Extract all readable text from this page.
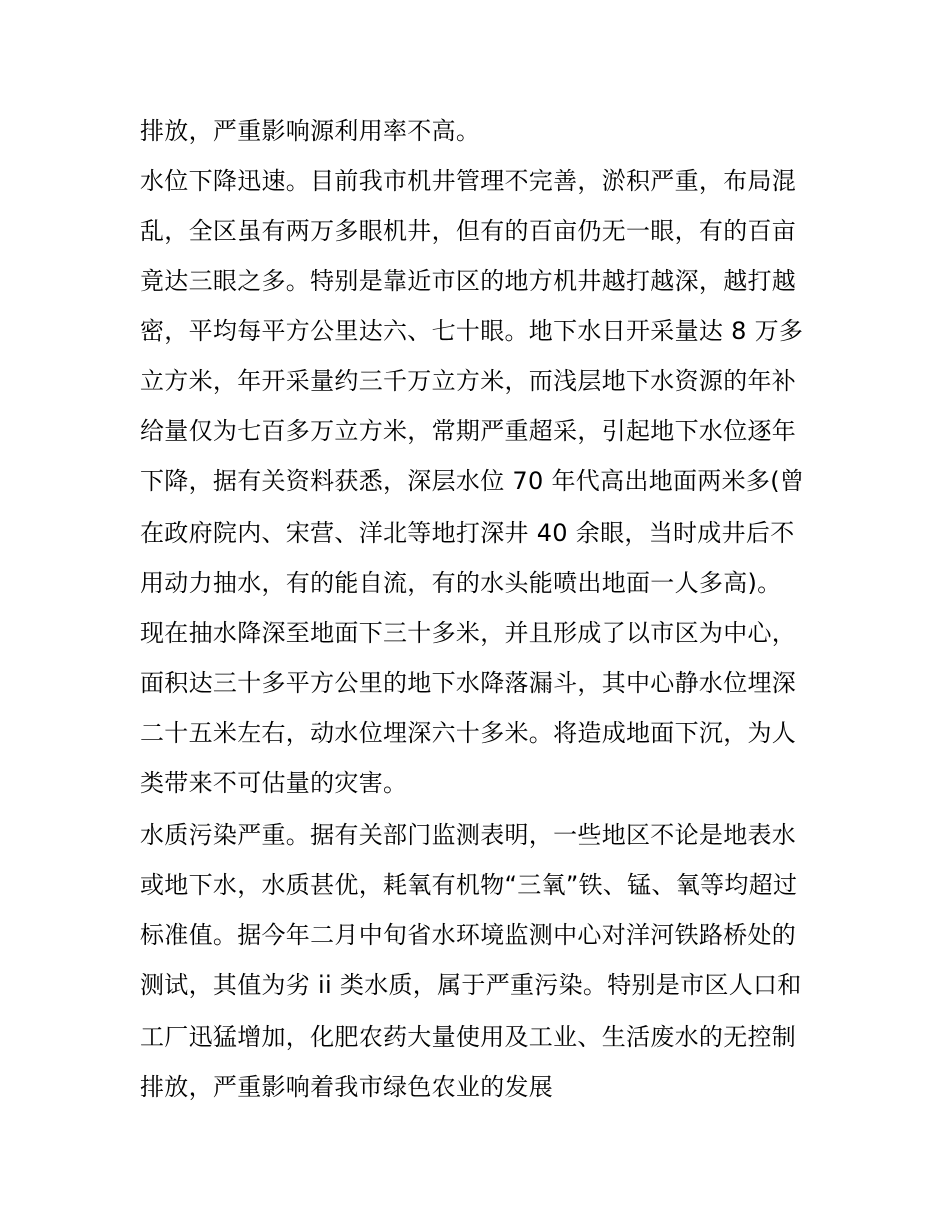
排放，严重影响源利用率不高。
水位下降迅速。目前我市机井管理不完善，淤积严重，布局混
乱，全区虽有两万多眼机井，但有的百亩仍无一眼，有的百亩
竟达三眼之多。特别是靠近市区的地方机井越打越深，越打越
密，平均每平方公里达六、七十眼。地下水日开采量达 8 万多
立方米，年开采量约三千万立方米，而浅层地下水资源的年补
给量仅为七百多万立方米，常期严重超采，引起地下水位逐年
下降，据有关资料获悉，深层水位 70 年代高出地面两米多(曾
在政府院内、宋营、洋北等地打深井 40 余眼，当时成井后不
用动力抽水，有的能自流，有的水头能喷出地面一人多高)。
现在抽水降深至地面下三十多米，并且形成了以市区为中心，
面积达三十多平方公里的地下水降落漏斗，其中心静水位埋深
二十五米左右，动水位埋深六十多米。将造成地面下沉，为人
类带来不可估量的灾害。
水质污染严重。据有关部门监测表明，一些地区不论是地表水
或地下水，水质甚优，耗氧有机物“三氧”铁、锰、氧等均超过
标准值。据今年二月中旬省水环境监测中心对洋河铁路桥处的
测试，其值为劣 ii 类水质，属于严重污染。特别是市区人口和
工厂迅猛增加，化肥农药大量使用及工业、生活废水的无控制
排放，严重影响着我市绿色农业的发展
